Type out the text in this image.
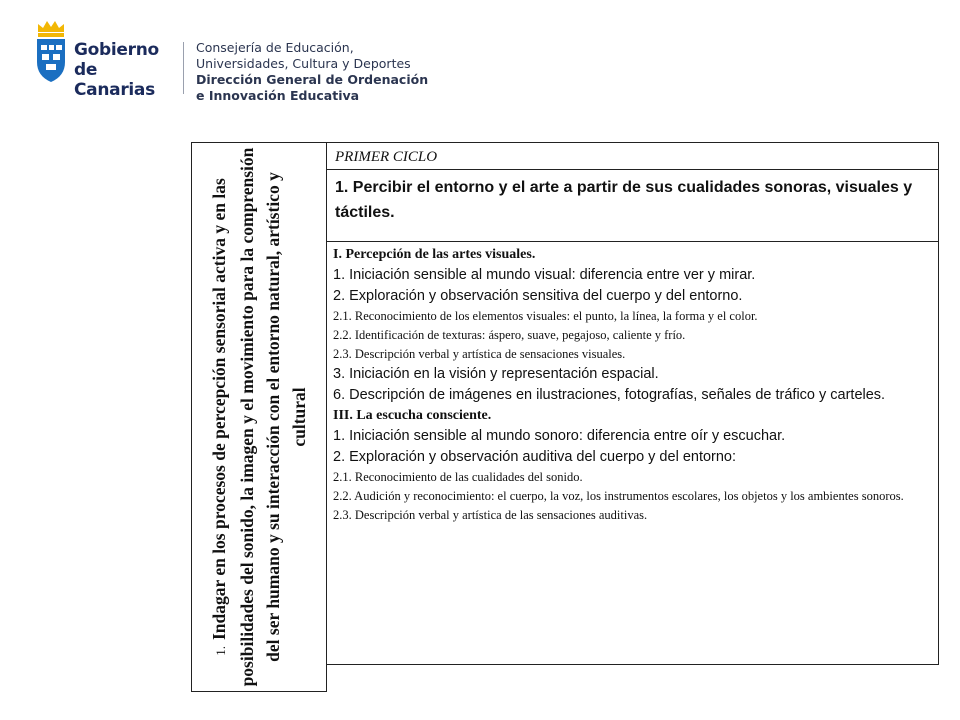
Gobierno
de Canarias
Consejería de Educación,
Universidades, Cultura y Deportes
Dirección General de Ordenación
e Innovación Educativa
1.Indagar en los procesos de percepción sensorial activa y en las posibilidades del sonido, la imagen y el movimiento para la comprensión del ser humano y su interacción con el entorno natural, artístico y cultural
PRIMER CICLO
1. Percibir el entorno y el arte a partir de sus cualidades sonoras, visuales y táctiles.

I. Percepción de las artes visuales.

1. Iniciación sensible al mundo visual: diferencia entre ver y mirar.

2. Exploración y observación sensitiva del cuerpo y del entorno.

2.1. Reconocimiento de los elementos visuales: el punto, la línea, la forma y el color.

2.2. Identificación de texturas: áspero, suave, pegajoso, caliente y frío.

2.3. Descripción verbal y artística de sensaciones visuales.

3. Iniciación en la visión y representación espacial.

6. Descripción de imágenes en ilustraciones, fotografías, señales de tráfico y carteles.

III. La escucha consciente.

1. Iniciación sensible al mundo sonoro: diferencia entre oír y escuchar.

2. Exploración y observación auditiva del cuerpo y del entorno:

2.1. Reconocimiento de las cualidades del sonido.

2.2. Audición y reconocimiento: el cuerpo, la voz, los instrumentos escolares, los objetos y los ambientes sonoros.

2.3. Descripción verbal y artística de las sensaciones auditivas.
